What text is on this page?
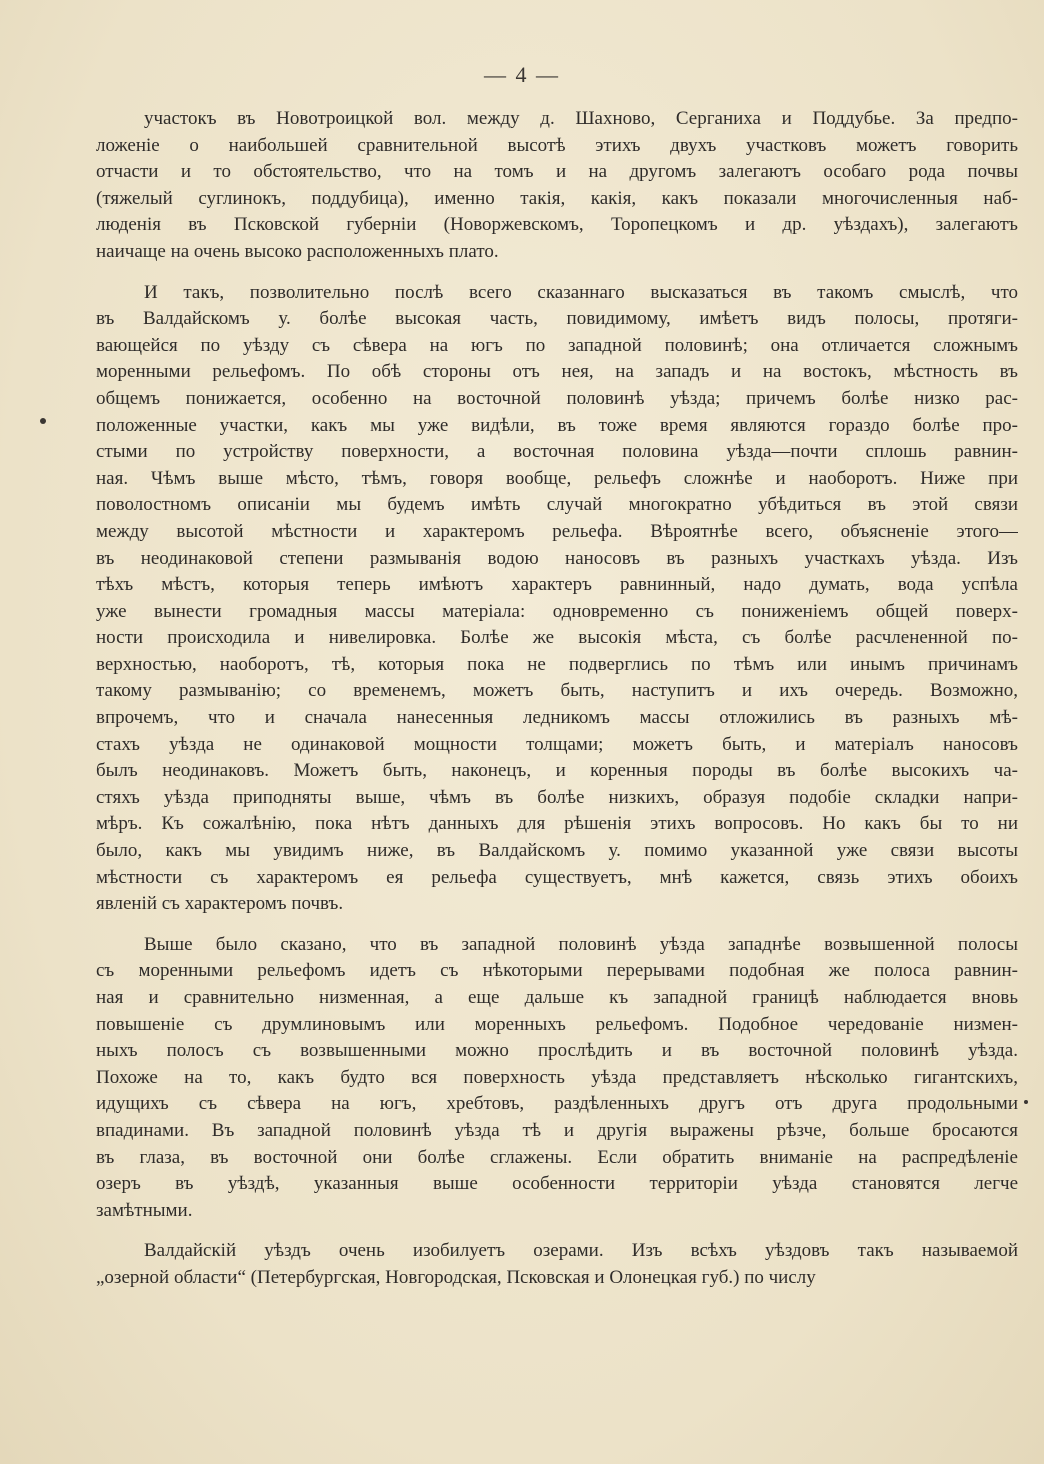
— 4 —
участокъ въ Новотроицкой вол. между д. Шахново, Серганиха и Поддубье. За предпо-
ложеніе о наибольшей сравнительной высотѣ этихъ двухъ участковъ можетъ говорить
отчасти и то обстоятельство, что на томъ и на другомъ залегаютъ особаго рода почвы
(тяжелый суглинокъ, поддубица), именно такія, какія, какъ показали многочисленныя наб-
люденія въ Псковской губерніи (Новоржевскомъ, Торопецкомъ и др. уѣздахъ), залегаютъ
наичаще на очень высоко расположенныхъ плато.
И такъ, позволительно послѣ всего сказаннаго высказаться въ такомъ смыслѣ, что
въ Валдайскомъ у. болѣе высокая часть, повидимому, имѣетъ видъ полосы, протяги-
вающейся по уѣзду съ сѣвера на югъ по западной половинѣ; она отличается сложнымъ
моренными рельефомъ. По обѣ стороны отъ нея, на западъ и на востокъ, мѣстность въ
общемъ понижается, особенно на восточной половинѣ уѣзда; причемъ болѣе низко рас-
положенные участки, какъ мы уже видѣли, въ тоже время являются гораздо болѣе про-
стыми по устройству поверхности, а восточная половина уѣзда—почти сплошь равнин-
ная. Чѣмъ выше мѣсто, тѣмъ, говоря вообще, рельефъ сложнѣе и наоборотъ. Ниже при
поволостномъ описаніи мы будемъ имѣть случай многократно убѣдиться въ этой связи
между высотой мѣстности и характеромъ рельефа. Вѣроятнѣе всего, объясненіе этого—
въ неодинаковой степени размыванія водою наносовъ въ разныхъ участкахъ уѣзда. Изъ
тѣхъ мѣстъ, которыя теперь имѣютъ характеръ равнинный, надо думать, вода успѣла
уже вынести громадныя массы матеріала: одновременно съ пониженіемъ общей поверх-
ности происходила и нивелировка. Болѣе же высокія мѣста, съ болѣе расчлененной по-
верхностью, наоборотъ, тѣ, которыя пока не подверглись по тѣмъ или инымъ причинамъ
такому размыванію; со временемъ, можетъ быть, наступитъ и ихъ очередь. Возможно,
впрочемъ, что и сначала нанесенныя ледникомъ массы отложились въ разныхъ мѣ-
стахъ уѣзда не одинаковой мощности толщами; можетъ быть, и матеріалъ наносовъ
былъ неодинаковъ. Можетъ быть, наконецъ, и коренныя породы въ болѣе высокихъ ча-
стяхъ уѣзда приподняты выше, чѣмъ въ болѣе низкихъ, образуя подобіе складки напри-
мѣръ. Къ сожалѣнію, пока нѣтъ данныхъ для рѣшенія этихъ вопросовъ. Но какъ бы то ни
было, какъ мы увидимъ ниже, въ Валдайскомъ у. помимо указанной уже связи высоты
мѣстности съ характеромъ ея рельефа существуетъ, мнѣ кажется, связь этихъ обоихъ
явленій съ характеромъ почвъ.
Выше было сказано, что въ западной половинѣ уѣзда западнѣе возвышенной полосы
съ моренными рельефомъ идетъ съ нѣкоторыми перерывами подобная же полоса равнин-
ная и сравнительно низменная, а еще дальше къ западной границѣ наблюдается вновь
повышеніе съ друмлиновымъ или моренныхъ рельефомъ. Подобное чередованіе низмен-
ныхъ полосъ съ возвышенными можно прослѣдить и въ восточной половинѣ уѣзда.
Похоже на то, какъ будто вся поверхность уѣзда представляетъ нѣсколько гигантскихъ,
идущихъ съ сѣвера на югъ, хребтовъ, раздѣленныхъ другъ отъ друга продольными
впадинами. Въ западной половинѣ уѣзда тѣ и другія выражены рѣзче, больше бросаются
въ глаза, въ восточной они болѣе сглажены. Если обратить вниманіе на распредѣленіе
озеръ въ уѣздѣ, указанныя выше особенности территоріи уѣзда становятся легче
замѣтными.
Валдайскій уѣздъ очень изобилуетъ озерами. Изъ всѣхъ уѣздовъ такъ называемой
„озерной области“ (Петербургская, Новгородская, Псковская и Олонецкая губ.) по числу
